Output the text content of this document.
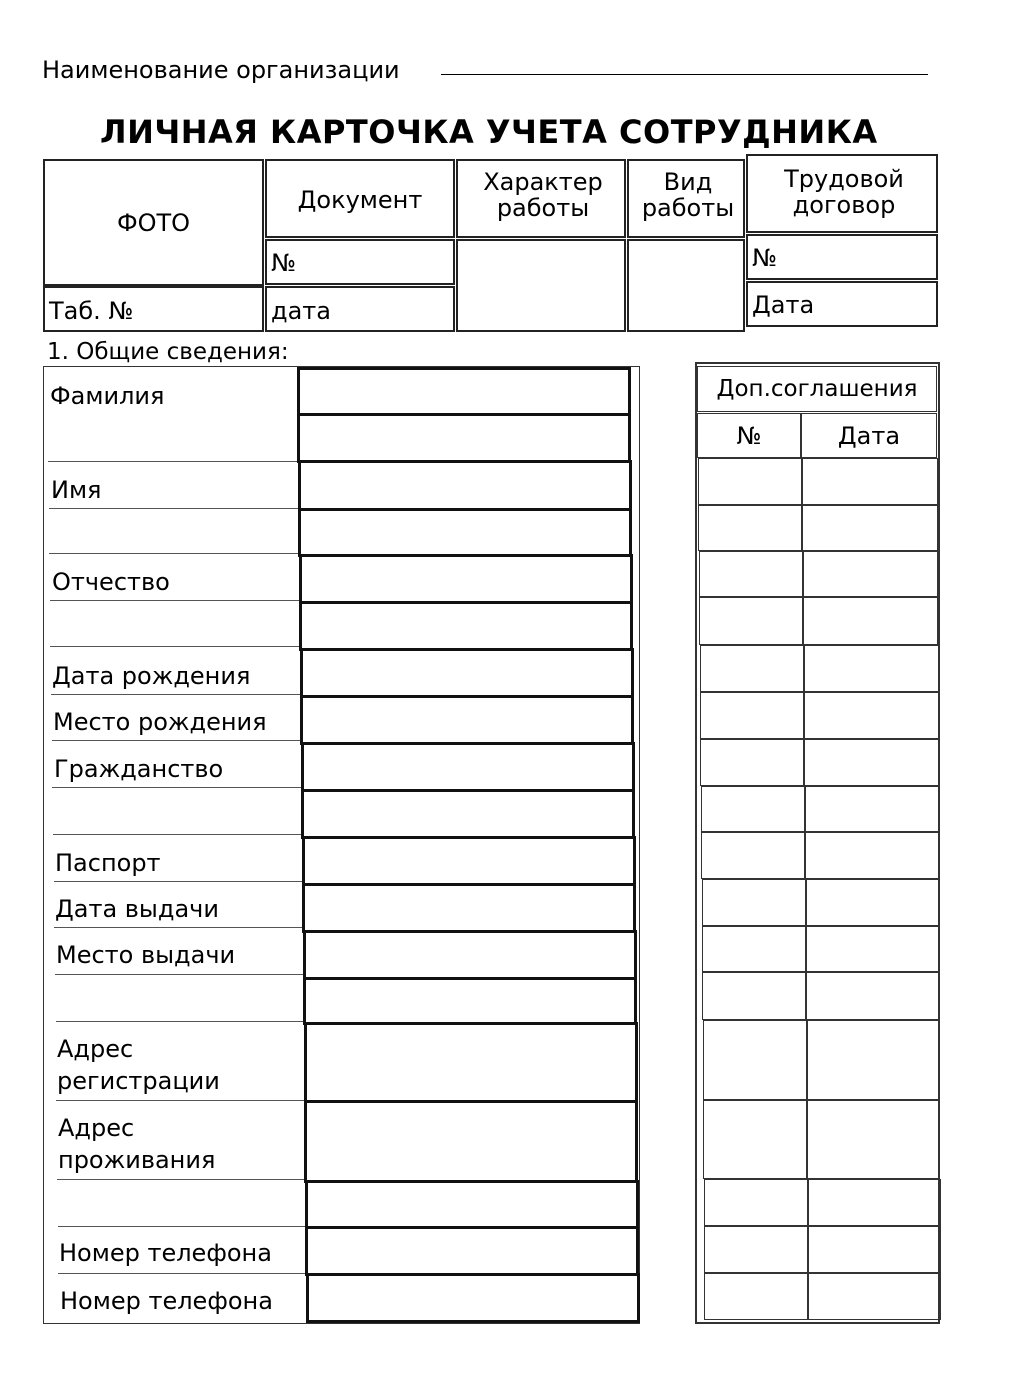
Наименование организации
ЛИЧНАЯ КАРТОЧКА УЧЕТА СОТРУДНИКА
ФОТО
Таб. №
Документ
№
дата
Характер работы
Вид работы
Трудовой договор
№
Дата
1. Общие сведения:
Фамилия
Имя
Отчество
Дата рождения
Место рождения
Гражданство
Паспорт
Дата выдачи
Место выдачи
Адрес регистрации
Адрес проживания
Номер телефона
Номер телефона
Доп.соглашения
№	Дата
